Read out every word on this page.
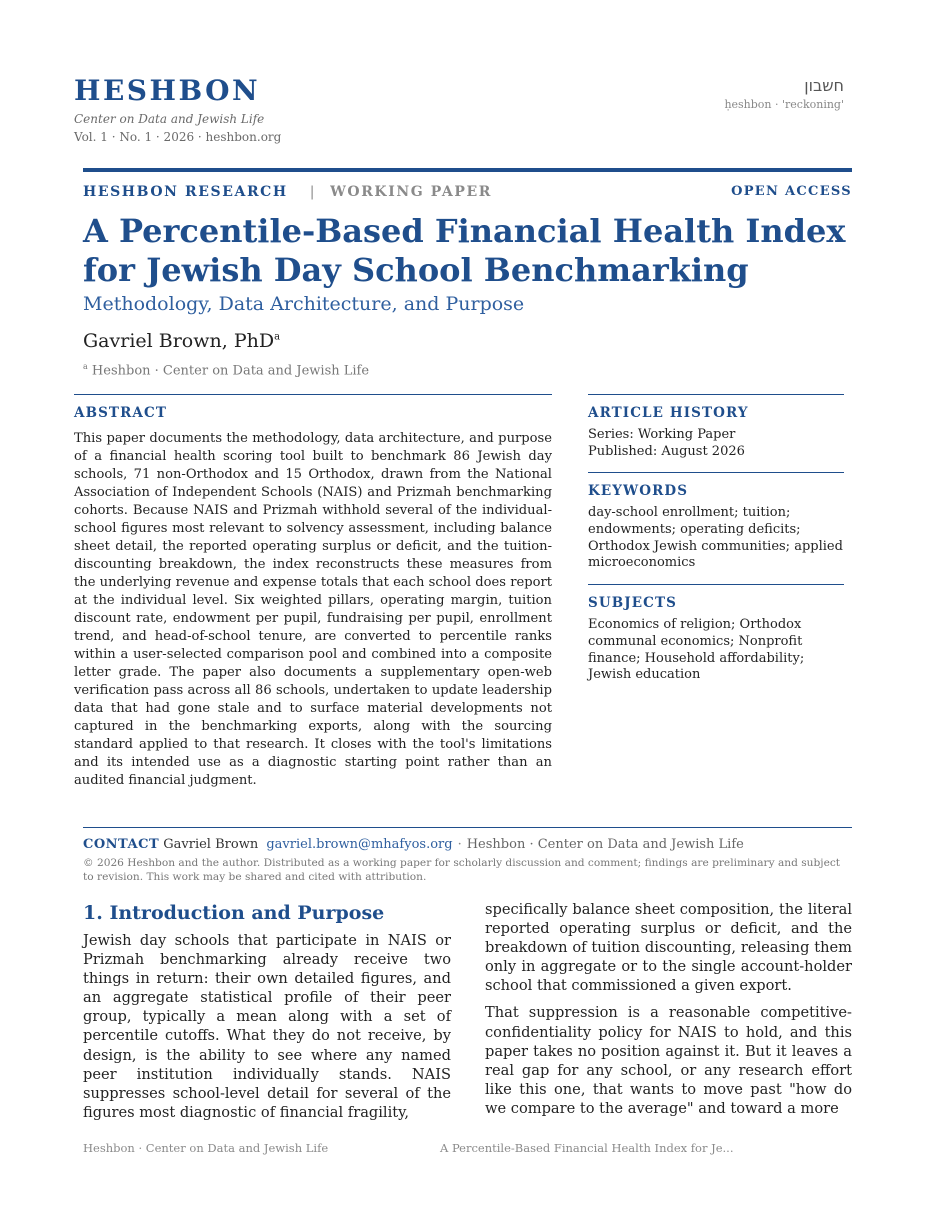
HESHBON
Center on Data and Jewish Life
Vol. 1 · No. 1 · 2026 · heshbon.org
חשבון
ḥeshbon · 'reckoning'
HESHBON RESEARCH | WORKING PAPER	OPEN ACCESS
A Percentile-Based Financial Health Index for Jewish Day School Benchmarking
Methodology, Data Architecture, and Purpose
Gavriel Brown, PhD$^a$
$^a$ Heshbon · Center on Data and Jewish Life
ABSTRACT

This paper documents the methodology, data architecture, and purpose of a financial health scoring tool built to benchmark 86 Jewish day schools, 71 non-Orthodox and 15 Orthodox, drawn from the National Association of Independent Schools (NAIS) and Prizmah benchmarking cohorts. Because NAIS and Prizmah withhold several of the individual-school figures most relevant to solvency assessment, including balance sheet detail, the reported operating surplus or deficit, and the tuition-discounting breakdown, the index reconstructs these measures from the underlying revenue and expense totals that each school does report at the individual level. Six weighted pillars, operating margin, tuition discount rate, endowment per pupil, fundraising per pupil, enrollment trend, and head-of-school tenure, are converted to percentile ranks within a user-selected comparison pool and combined into a composite letter grade. The paper also documents a supplementary open-web verification pass across all 86 schools, undertaken to update leadership data that had gone stale and to surface material developments not captured in the benchmarking exports, along with the sourcing standard applied to that research. It closes with the tool's limitations and its intended use as a diagnostic starting point rather than an audited financial judgment.

ARTICLE HISTORY
Series: Working Paper
Published: August 2026
KEYWORDS
day-school enrollment; tuition; endowments; operating deficits; Orthodox Jewish communities; applied microeconomics
SUBJECTS
Economics of religion; Orthodox communal economics; Nonprofit finance; Household affordability; Jewish education
CONTACT Gavriel Brown gavriel.brown@mhafyos.org · Heshbon · Center on Data and Jewish Life
© 2026 Heshbon and the author. Distributed as a working paper for scholarly discussion and comment; findings are preliminary and subject to revision. This work may be shared and cited with attribution.
1. Introduction and Purpose

Jewish day schools that participate in NAIS or Prizmah benchmarking already receive two things in return: their own detailed figures, and an aggregate statistical profile of their peer group, typically a mean along with a set of percentile cutoffs. What they do not receive, by design, is the ability to see where any named peer institution individually stands. NAIS suppresses school-level detail for several of the figures most diagnostic of financial fragility,

specifically balance sheet composition, the literal reported operating surplus or deficit, and the breakdown of tuition discounting, releasing them only in aggregate or to the single account-holder school that commissioned a given export.

That suppression is a reasonable competitive-confidentiality policy for NAIS to hold, and this paper takes no position against it. But it leaves a real gap for any school, or any research effort like this one, that wants to move past "how do we compare to the average" and toward a more

Heshbon · Center on Data and Jewish Life	A Percentile-Based Financial Health Index for Je...
